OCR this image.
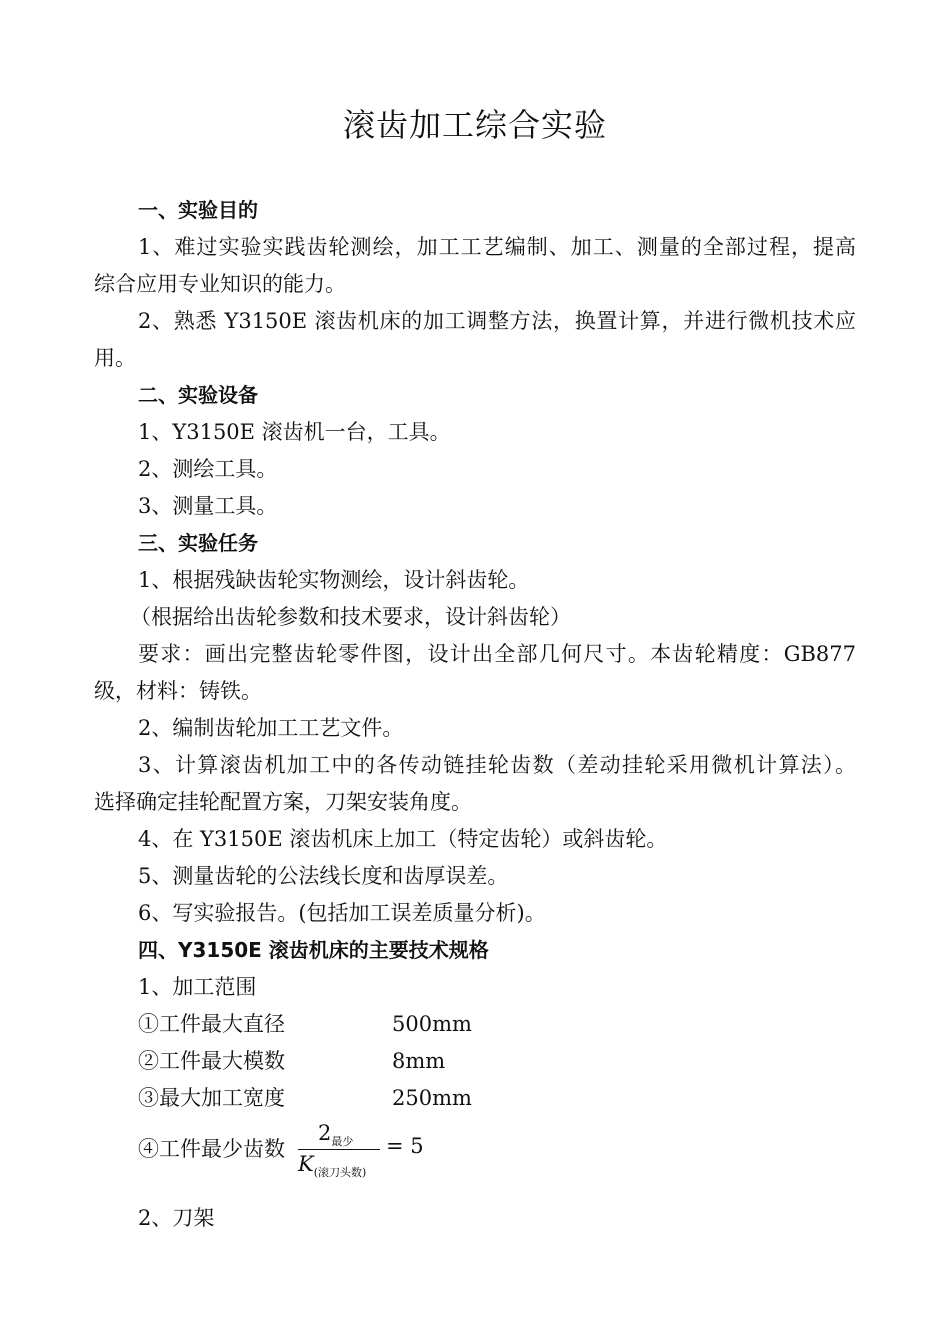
滚齿加工综合实验
一、实验目的
1、难过实验实践齿轮测绘，加工工艺编制、加工、测量的全部过程，提高
综合应用专业知识的能力。
2、熟悉 Y3150E 滚齿机床的加工调整方法，换置计算，并进行微机技术应
用。
二、实验设备
1、Y3150E 滚齿机一台，工具。
2、测绘工具。
3、测量工具。
三、实验任务
1、根据残缺齿轮实物测绘，设计斜齿轮。
（根据给出齿轮参数和技术要求，设计斜齿轮）
要求：画出完整齿轮零件图，设计出全部几何尺寸。本齿轮精度：GB877
级，材料：铸铁。
2、编制齿轮加工工艺文件。
3、计算滚齿机加工中的各传动链挂轮齿数（差动挂轮采用微机计算法）。
选择确定挂轮配置方案，刀架安装角度。
4、在 Y3150E 滚齿机床上加工（特定齿轮）或斜齿轮。
5、测量齿轮的公法线长度和齿厚误差。
6、写实验报告。(包括加工误差质量分析)。
四、Y3150E 滚齿机床的主要技术规格
1、加工范围
①工件最大直径	500mm
②工件最大模数	8mm
③最大加工宽度	250mm
④工件最少齿数
$2_{最少}$
$K_{(滚刀头数)}$
= 5
2、刀架
